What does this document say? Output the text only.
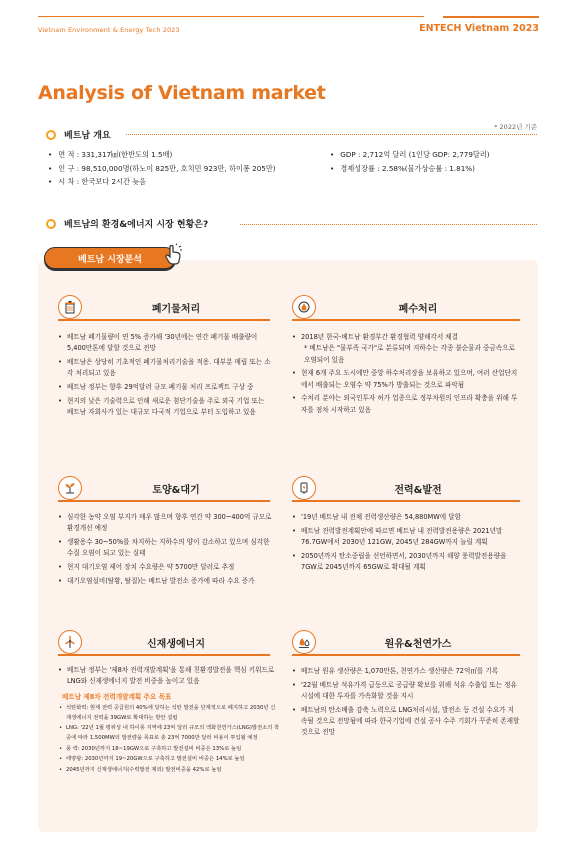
Vietnam Environment & Energy Tech 2023	ENTECH Vietnam 2023
Analysis of Vietnam market
* 2022년 기준
베트남 개요
• 면 적 : 331,317㎢(한반도의 1.5배)
• 인 구 : 98,510,000명(하노이 825만, 호치민 923만, 하이퐁 205만)
• 시 차 : 한국보다 2시간 늦음
• GDP : 2,712억 달러 (1인당 GDP: 2,779달러)
• 경제성장률 : 2.58%(물가상승률 : 1.81%)
베트남의 환경&에너지 시장 현황은?
베트남 시장분석
폐기물처리
• 베트남 폐기물량이 연 5% 증가해 '30년에는 연간 폐기물 배출량이 5,400만톤에 달할 것으로 전망
• 베트남은 상당히 기초적인 폐기물처리기술을 적용. 대부분 매립 또는 소각 처리되고 있음
• 베트남 정부는 향후 29억달러 규모 폐기물 처리 프로젝트 구상 중
• 현지의 낮은 기술력으로 인해 새로운 첨단기술을 주로 외국 기업 또는 베트남 자회사가 있는 대규모 다국적 기업으로 부터 도입하고 있음
폐수처리
• 2018년 한국-베트남 환경부간 환경협력 양해각서 체결
* 베트남은 "물부족 국가"로 분류되며 지하수는 각종 불순물과 중금속으로 오염되어 있음
• 현재 6개 주요 도시에만 중앙 하수처리장을 보유하고 있으며, 여러 산업단지에서 배출되는 오염수 약 75%가 방출되는 것으로 파악됨
• 수처리 분야는 외국인투자 허가 업종으로 정부차원의 인프라 확충을 위해 투자를 점차 시작하고 있음
토양&대기
• 심각한 농약 오염 부지가 매우 많으며 향후 연간 약 300~400억 규모로 환경개선 예정
• 생활용수 30~50%를 차지하는 지하수의 양이 감소하고 있으며 심각한 수질 오염이 되고 있는 실태
• 현지 대기오염 제어 장치 수요량은 약 5700만 달러로 추정
• 대기오염설비(탈황, 탈질)는 베트남 발전소 증가에 따라 수요 증가
전력&발전
• '19년 베트남 내 전체 전력생산량은 54,880MW에 달함
• 베트남 전력발전계획안에 따르면 베트남 내 전력발전용량은 2021년말 76.7GW에서 2030년 121GW, 2045년 284GW까지 늘릴 계획
• 2050년까지 탄소중립을 선언하면서, 2030년까지 해양 풍력발전용량을 7GW로 2045년까지 65GW로 확대될 계획
신재생에너지
• 베트남 정부는 '제8차 전력개발계획'을 통해 친환경발전을 핵심 키워드로 LNG와 신재생에너지 발전 비중을 높이고 있음
베트남 제8차 전력개발계획 주요 목표
• 석탄화력: 현재 전력 공급원의 40%에 달하는 석탄 발전을 단계적으로 폐지하고 2030년 신재생에너지 전력을 39GW로 확대하는 방안 설립
• LNG: '22년 1월 평위성 내 하이퐁 지역에 23억 달러 규모의 액화천연가스(LNG)발전소의 착공에 따라 1,500MW의 발전량을 목표로 총 23억 7000만 달러 비용이 투입될 예정
• 풍 력: 2030년까지 18~19GW으로 구축하고 발전설비 비중은 13%로 높임
• 태양광: 2030년까지 19~20GW으로 구축하고 발전설비 비중은 14%로 높임
• 2045년까지 신재생에너지(수력발전 제외) 발전비중을 42%로 높임
원유&천연가스
• 베트남 원유 생산량은 1,070만톤, 천연가스 생산량은 72억㎥를 기록
• '22월 베트남 석유가격 급등으로 공급량 확보를 위해 석유 수출입 또는 정유시설에 대한 투자를 가속화할 것을 지시
• 베트남의 탄소배출 감축 노력으로 LNG처리시설, 발전소 등 건설 수요가 지속될 것으로 전망됨에 따라 한국기업에 건설 공사 수주 기회가 꾸준히 존재할 것으로 전망
